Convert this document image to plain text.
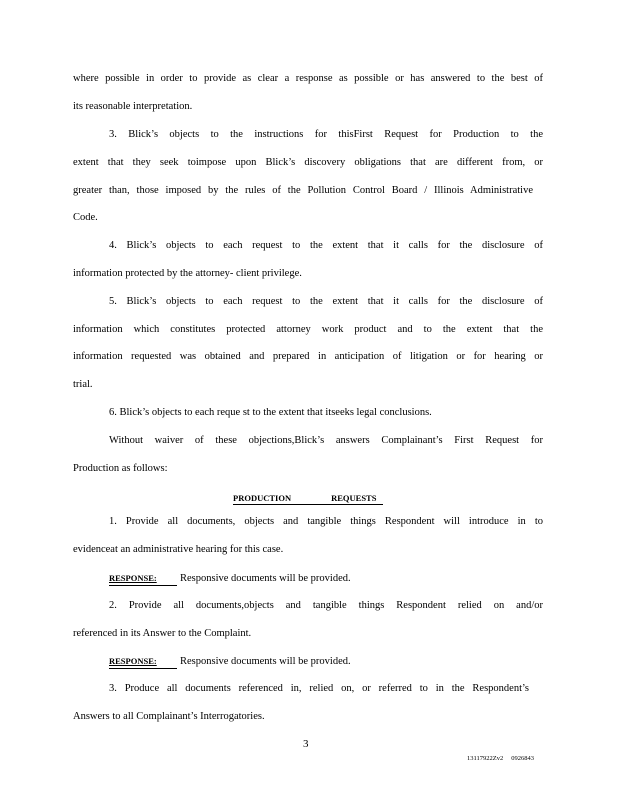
where possible in order to provide as clear a response as possible or has answered to the best of
its reasonable interpretation.
3. Blick’s objects to the instructions for thisFirst Request for Production to the
extent that they seek toimpose upon Blick’s discovery obligations that are different from, or
greater than, those imposed by the rules of the Pollution Control Board / Illinois Administrative
Code.
4. Blick’s objects to each request to the extent that it calls for the disclosure of
information protected by the attorney- client privilege.
5. Blick’s objects to each request to the extent that it calls for the disclosure of
information which constitutes protected attorney work product and to the extent that the
information requested was obtained and prepared in anticipation of litigation or for hearing or
trial.
6. Blick’s objects to each reque st to the extent that itseeks legal conclusions.
Without waiver of these objections,Blick’s answers Complainant’s First Request for
Production as follows:
PRODUCTION	REQUESTS
1. Provide all documents, objects and tangible things Respondent will introduce in to
evidenceat an administrative hearing for this case.
RESPONSE: Responsive documents will be provided.
2. Provide all documents,objects and tangible things Respondent relied on and/or
referenced in its Answer to the Complaint.
RESPONSE: Responsive documents will be provided.
3. Produce all documents referenced in, relied on, or referred to in the Respondent’s
Answers to all Complainant’s Interrogatories.
3
13117922Zv2 0926843
